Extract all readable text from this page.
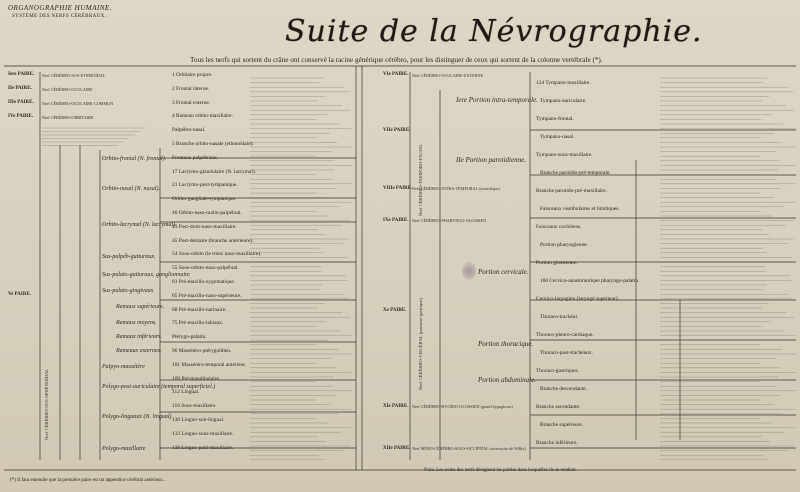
ORGANOGRAPHIE HUMAINE.
SYSTÈME DES NERFS CÉRÉBRAUX.	Suite de la Névrographie.
Tous les nerfs qui sortent du crâne ont conservé la racine générique cérébro, pour les distinguer de ceux qui sortent de la colonne vertébrale (*).
Iere PAIRE.
IIe PAIRE.
IIIe PAIRE.
IVe PAIRE.
Ve PAIRE.
Nerf CÉRÉBRO-SUS-ETHMOÏDAL
Nerf CÉRÉBRO-OCULAIRE
Nerf CÉRÉBRO-OCULAIRE-COMMUN
Nerf CÉRÉBRO-ORBITAIRE
Nerf CÉRÉBRO-SUS-SPHÉNOÏDAL
Orbito-frontal (N. frontal).
Orbito-nasal (N. nasal).
Orbito-lacrymal (N. lacrymal).
Sus-palpéb-gutturaux.
Sus-palato-gutturaux, ganglionnaire
Sus-palato-gingivaux
Ramaux supérieurs.
Ramaux moyens.
Ramaux inférieurs.
Rameaux externes.
Palpyo-massétère
Polygo-post-auriculaire (temporal superficiel.)
Polygo-linguaux (N. lingual)
Polygo-maxillaire
1 Orbitaire propre.
2 Frontal interne.
3 Frontal externe.
4 Rameau orbito-maxillaire.
Palpébro-nasal.
5 Branche orbito-nasale (ethmoïdale).
Frontaux palpébraux.
17 Lacrymo-glandulaire (N. lacrymal).
21 Lacrymo-post-tympanique.
Orbito-gangliale-tympanique.
40 Orbito-naso-mallo-palpébral.
43 Post-droit-naso-maxillaire.
45 Post-dentaire (branche antérieure).
54 Sous-orbito (le tronc naso-maxillaire).
55 Sous-orbito-naso-palpébral.
61 Pré-maxillo-zygomatique.
65 Pré-maxillo-naso-supérieure.
68 Pré-maxillo-narinaire.
75 Pré-maxillo-labiaux.
Ptérygo-palatin.
96 Massétéro-ptérygoïdien.
101 Massétéro-temporal antérieur.
109 Pré-mandibulaire.
112 Lingual.
116 Sous-maxillaire.
130 Linguo-sub-lingual.
133 Linguo-sous-maxillaire.
138 Linguo-petit-maxillaire.
VIe PAIRE.
VIIe PAIRE.
VIIIe PAIRE.
IXe PAIRE.
Xe PAIRE.
XIe PAIRE.
XIIe PAIRE.
Nerf CÉRÉBRO-OCULAIRE-EXTERNE
Nerf CÉRÉBRO-TEMPORO-FACIAL
Nerf CÉRÉBRO-INTRA-TEMPORAL (acoustique)
Nerf CÉRÉBRO-PHARYNGO-GLOSSIEN
Nerf CÉRÉBRO-VISCÉRAL (pneumo-gastrique)
Nerf CÉRÉBRO-HYOÏDO-GLOSSIEN (grand hypoglosse)
Nerf SPINO-CÉRÉBRO-SOUS-OCCIPITAL (accessoire de Willis)
Iere Portion intra-temporale.
IIe Portion parotidienne.
Portion cervicale.
Portion thoracique.
Portion abdominale.
124 Tympano-maxillaire.
Tympano-auriculaire.
Tympano-frontal.
Tympano-nasal.
Tympano-sous-maxillaire.
Branche parotido-pré-temporale.
Branche parotido-pré-maxillaire.
Faisceaux vestibulaires et limitiques.
Faisceaux cochléens.
Portion pharyngienne.
Portion glossienne.
160 Cervico-anastomotique pharyngo-palatin.
Cervico-laryngien (laryngé supérieur).
Thoraco-trachéal.
Thoraco-pleuro-cardiaque.
Thoraco-post-trachéaux.
Thoraco-gastriques.
Branche descendante.
Branche ascendante.
Branche supérieure.
Branche inférieure.
Nota. Les noms des nerfs désignent les parties dans lesquelles ils se rendent.
(*) Il faut entendre que la première paire est un appendice cérébral antérieur...
